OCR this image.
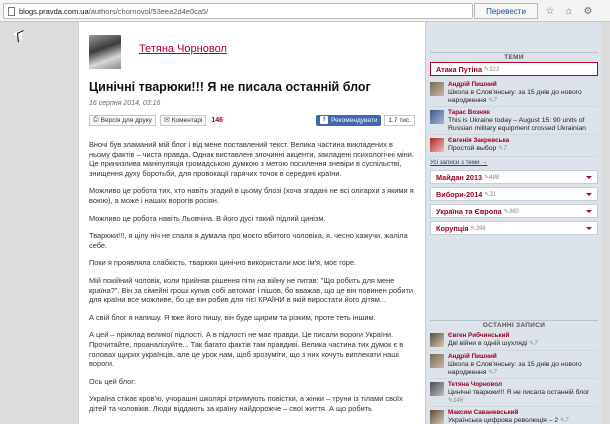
blogs.pravda.com.ua/authors/chornovol/53eea2d4e0ca5/	Перевести	☆	⌂	⚙
Тетяна Чорновол
Цинічні тварюки!!! Я не писала останній блог
16 серпня 2014, 03:16
⎙ Версія для друку ✉ Коментарі 146	f Рекомендувати	1,7 тис.

Вночі був зламаний мій блог і від мене поставлений текст. Велика частина викладених в ньому фактів – чиста правда. Однак виставлені злочинні акценти, закладені психологічні міни. Це принизлива маніпуляція громадською думкою з метою посилення зневіри в суспільстві, знищення духу боротьби, для провокації гарячих точок в середині країни.

Можливо це робота тих, хто навіть згадий в цьому блозі (хоча згадані не всі олігархи з якими я воюю), а може і наших ворогів росіян.

Можливо це робота навіть Льовчіна. В його дусі такий підлий цинізм.

Тварюки!!!, я цілу ніч не спала я думала про моєго вбитого чоловіка, я, чесно кажучи, жаліла себе.

Поки я проявляла слабкість, тварюки цинічно використали моє ім'я, моє горе.

Мій покійний чоловік, коли прийняв рішення піти на війну не питав: "Що робить для мене країна?". Він за сімейні гроші купив собі автомат і пішов, бо вважав, що це він повинен робити для країни все можливе, бо це він робив для тієї КРАЇНИ в якій виростати його дітям...

А свій блог я напишу. Я вже його пишу, він буде щирим та різким, проте теть іншим.

А цей – приклад великої підлості. А в підлості не має правди. Це писали вороги України. Прочитайте, проаналізуйте... Так багато фактів там правдиві. Велика частина тих думок є в головах щирих українців, але це урок нам, щоб зрозуміти, що з них хочуть виплекати наші вороги.

Ось цей блог:

Україна стікає кров'ю, учорашні школярі отримують повістки, а жінки – труни із тілами своїх дітей та чоловіків. Люди віддають за країну найдорожче – свої життя. А що робить

ТЕМИ
Атака Путіна ✎323
Андрій Пишний
Школа в Слов'янську: за 15 днів до нового народження ✎7
Тарас Возняк
This is Ukraine today – August 15: 90 units of Russian military equipment crossed Ukrainian
Євгенія Закревська
Простой выбор ✎7
Усі записи з теми →
Майдан 2013 ✎488
Вибори-2014 ✎31
Україна та Європа ✎360
Корупція ✎396
ОСТАННІ ЗАПИСИ
Євген Рибчинський
Дві війни в одній шухляді ✎7
Андрій Пишний
Школа в Слов'янську: за 15 днів до нового народження ✎7
Тетяна Чорновол
Цинічні тварюки!!! Я не писала останній блог ✎146
Максим Саваневський
Українська цифрова революція – 2 ✎7
